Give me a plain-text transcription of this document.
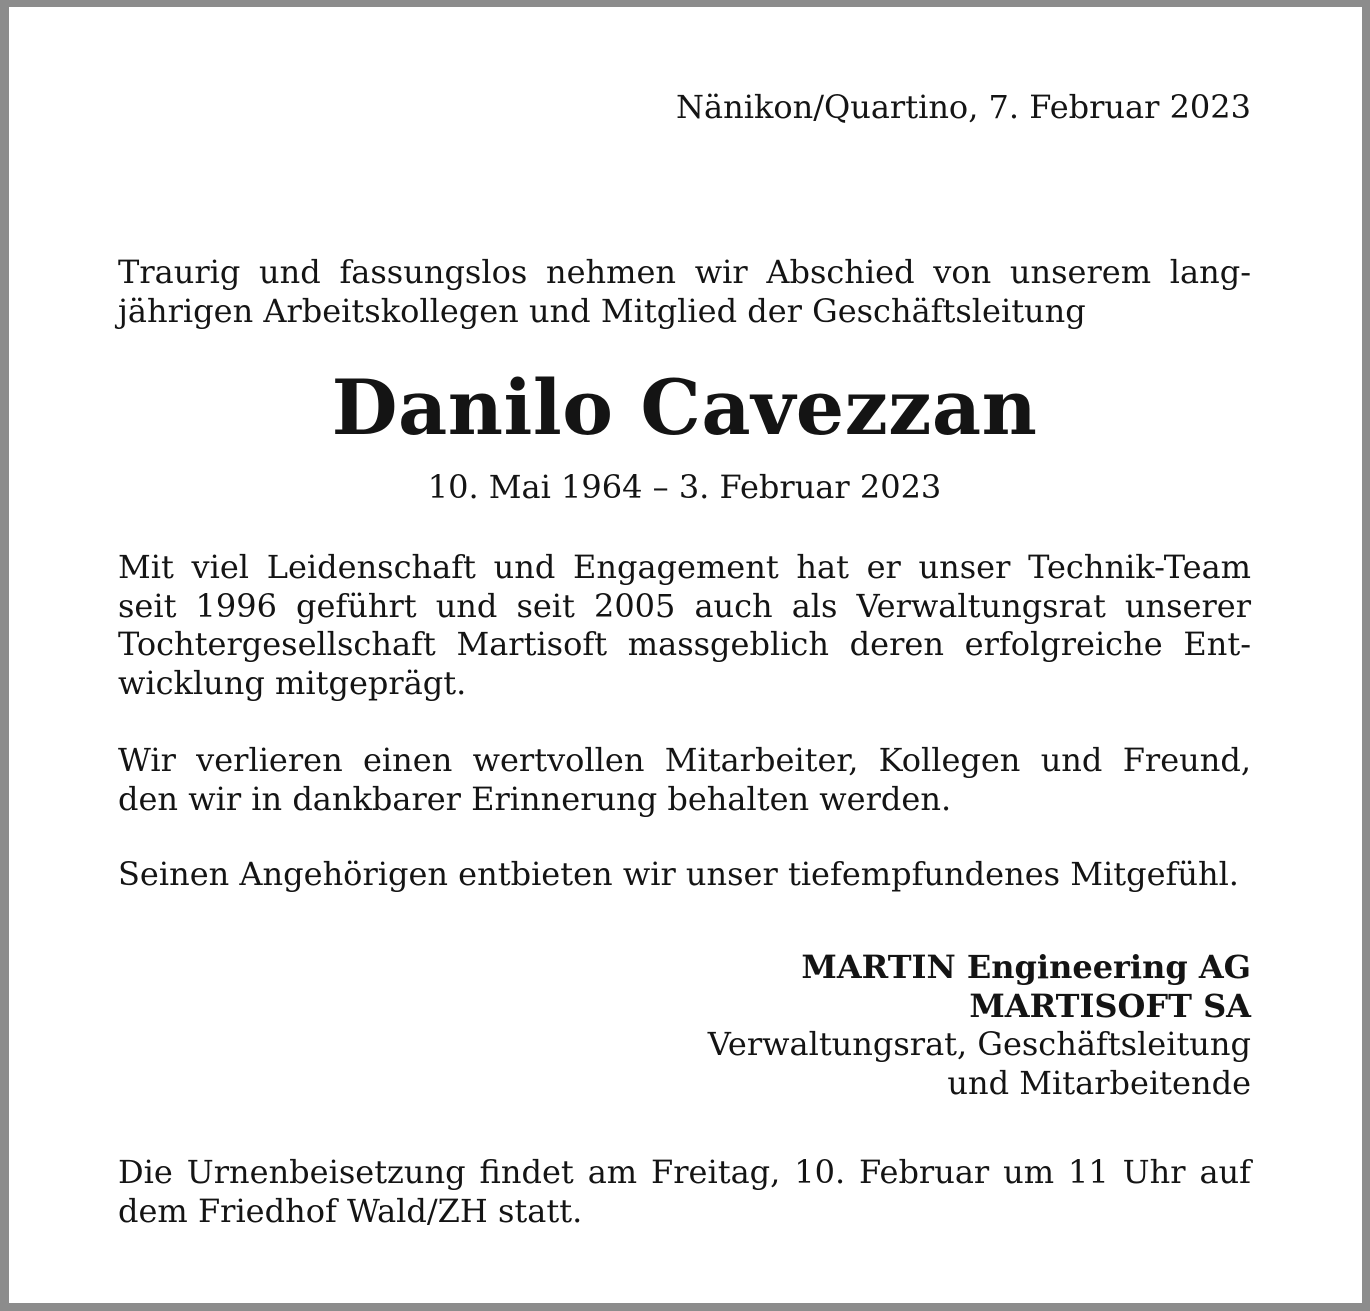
Nänikon/Quartino, 7. Februar 2023
Traurig und fassungslos nehmen wir Abschied von unserem lang-
jährigen Arbeitskollegen und Mitglied der Geschäftsleitung
Danilo Cavezzan
10. Mai 1964 – 3. Februar 2023
Mit viel Leidenschaft und Engagement hat er unser Technik-Team
seit 1996 geführt und seit 2005 auch als Verwaltungsrat unserer
Tochtergesellschaft Martisoft massgeblich deren erfolgreiche Ent-
wicklung mitgeprägt.
Wir verlieren einen wertvollen Mitarbeiter, Kollegen und Freund,
den wir in dankbarer Erinnerung behalten werden.
Seinen Angehörigen entbieten wir unser tiefempfundenes Mitgefühl.
MARTIN Engineering AG
MARTISOFT SA
Verwaltungsrat, Geschäftsleitung
und Mitarbeitende
Die Urnenbeisetzung findet am Freitag, 10. Februar um 11 Uhr auf
dem Friedhof Wald/ZH statt.
